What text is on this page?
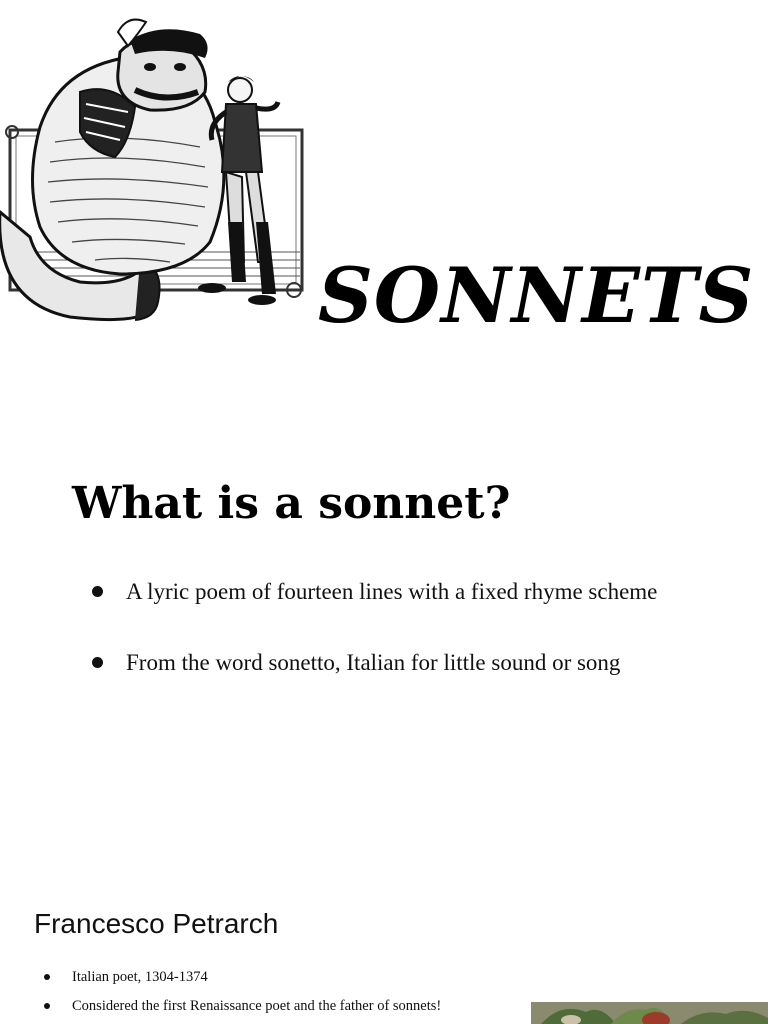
SONNETS
What is a sonnet?
A lyric poem of fourteen lines with a fixed rhyme scheme
From the word sonetto, Italian for little sound or song
Francesco Petrarch
Italian poet, 1304-1374
Considered the first Renaissance poet and the father of sonnets!
